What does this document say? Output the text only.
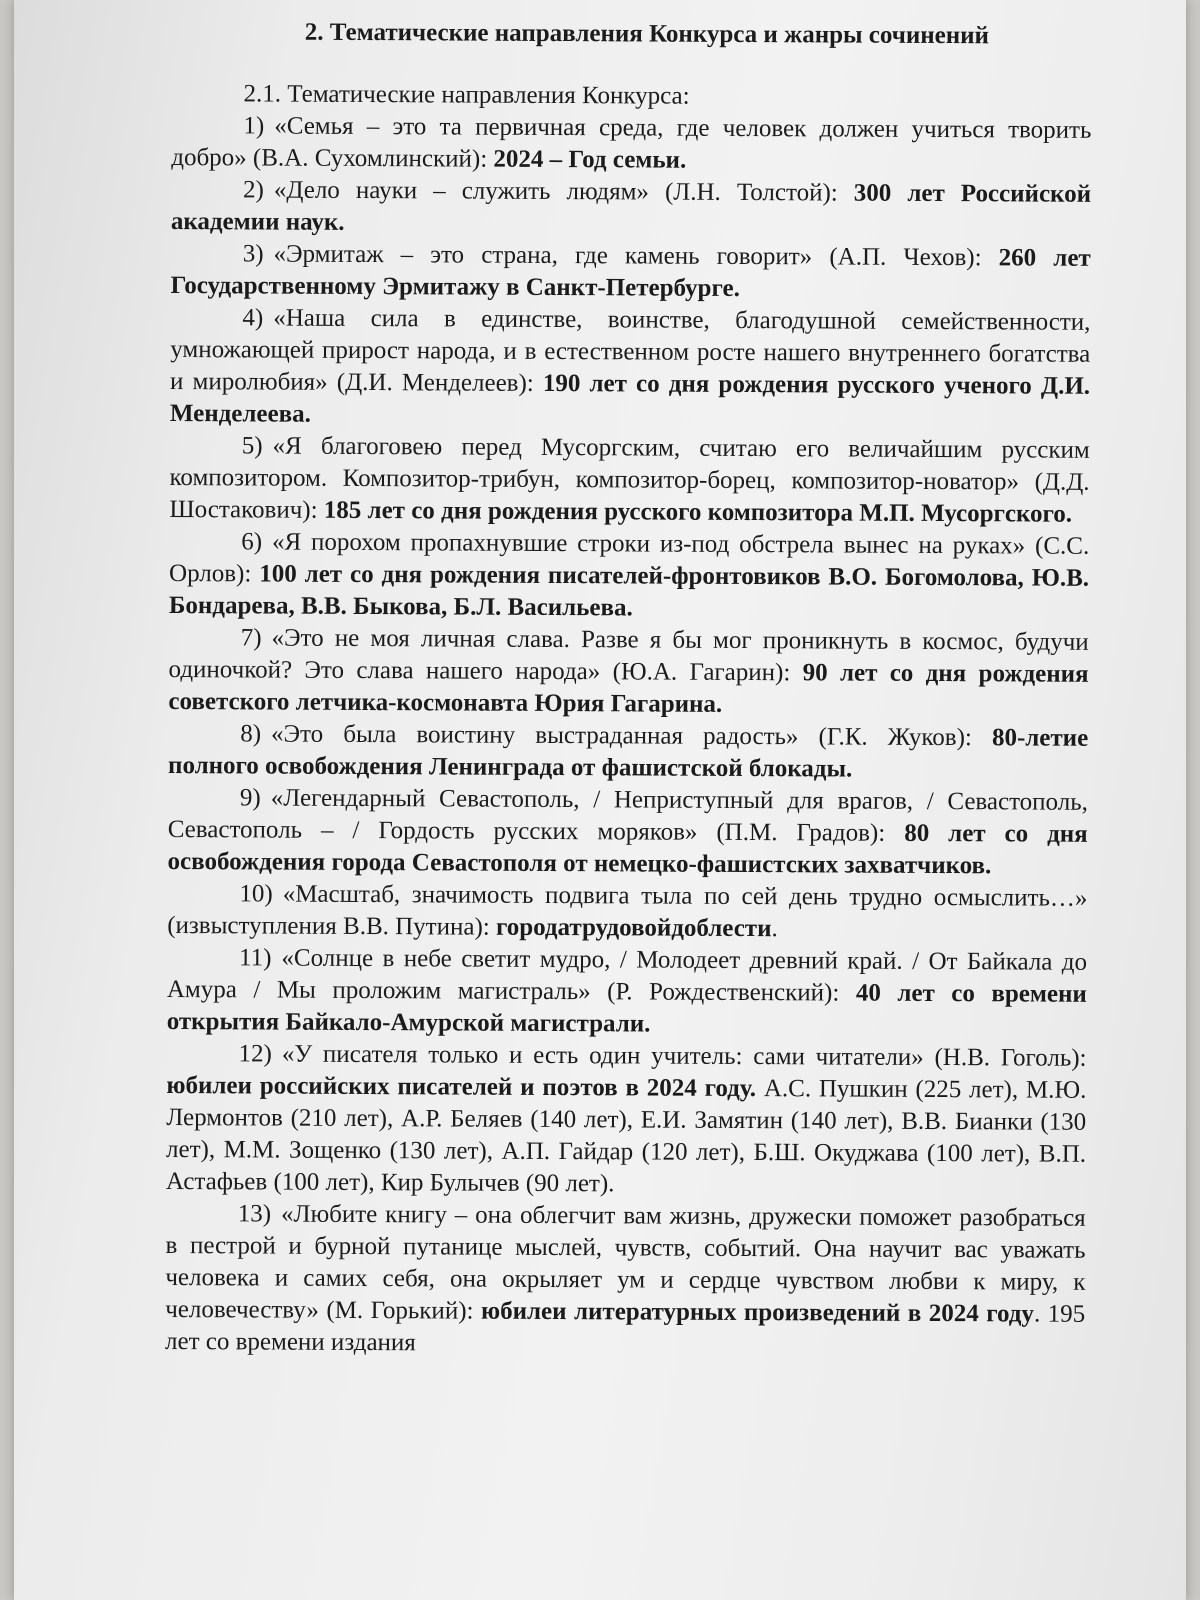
2. Тематические направления Конкурса и жанры сочинений

2.1. Тематические направления Конкурса:

1) «Семья – это та первичная среда, где человек должен учиться творить добро» (В.А. Сухомлинский): 2024 – Год семьи.

2) «Дело науки – служить людям» (Л.Н. Толстой): 300 лет Российской академии наук.

3) «Эрмитаж – это страна, где камень говорит» (А.П. Чехов): 260 лет Государственному Эрмитажу в Санкт-Петербурге.

4) «Наша сила в единстве, воинстве, благодушной семейственности, умножающей прирост народа, и в естественном росте нашего внутреннего богатства и миролюбия» (Д.И. Менделеев): 190 лет со дня рождения русского ученого Д.И. Менделеева.

5) «Я благоговею перед Мусоргским, считаю его величайшим русским композитором. Композитор-трибун, композитор-борец, композитор-новатор» (Д.Д. Шостакович): 185 лет со дня рождения русского композитора М.П. Мусоргского.

6) «Я порохом пропахнувшие строки из-под обстрела вынес на руках» (С.С. Орлов): 100 лет со дня рождения писателей-фронтовиков В.О. Богомолова, Ю.В. Бондарева, В.В. Быкова, Б.Л. Васильева.

7) «Это не моя личная слава. Разве я бы мог проникнуть в космос, будучи одиночкой? Это слава нашего народа» (Ю.А. Гагарин): 90 лет со дня рождения советского летчика-космонавта Юрия Гагарина.

8) «Это была воистину выстраданная радость» (Г.К. Жуков): 80-летие полного освобождения Ленинграда от фашистской блокады.

9) «Легендарный Севастополь, / Неприступный для врагов, / Севастополь, Севастополь – / Гордость русских моряков» (П.М. Градов): 80 лет со дня освобождения города Севастополя от немецко-фашистских захватчиков.

10) «Масштаб, значимость подвига тыла по сей день трудно осмыслить…» (извыступления В.В. Путина): городатрудовойдоблести.

11) «Солнце в небе светит мудро, / Молодеет древний край. / От Байкала до Амура / Мы проложим магистраль» (Р. Рождественский): 40 лет со времени открытия Байкало-Амурской магистрали.

12) «У писателя только и есть один учитель: сами читатели» (Н.В. Гоголь): юбилеи российских писателей и поэтов в 2024 году. А.С. Пушкин (225 лет), М.Ю. Лермонтов (210 лет), А.Р. Беляев (140 лет), Е.И. Замятин (140 лет), В.В. Бианки (130 лет), М.М. Зощенко (130 лет), А.П. Гайдар (120 лет), Б.Ш. Окуджава (100 лет), В.П. Астафьев (100 лет), Кир Булычев (90 лет).

13) «Любите книгу – она облегчит вам жизнь, дружески поможет разобраться в пестрой и бурной путанице мыслей, чувств, событий. Она научит вас уважать человека и самих себя, она окрыляет ум и сердце чувством любви к миру, к человечеству» (М. Горький): юбилеи литературных произведений в 2024 году. 195 лет со времени издания
